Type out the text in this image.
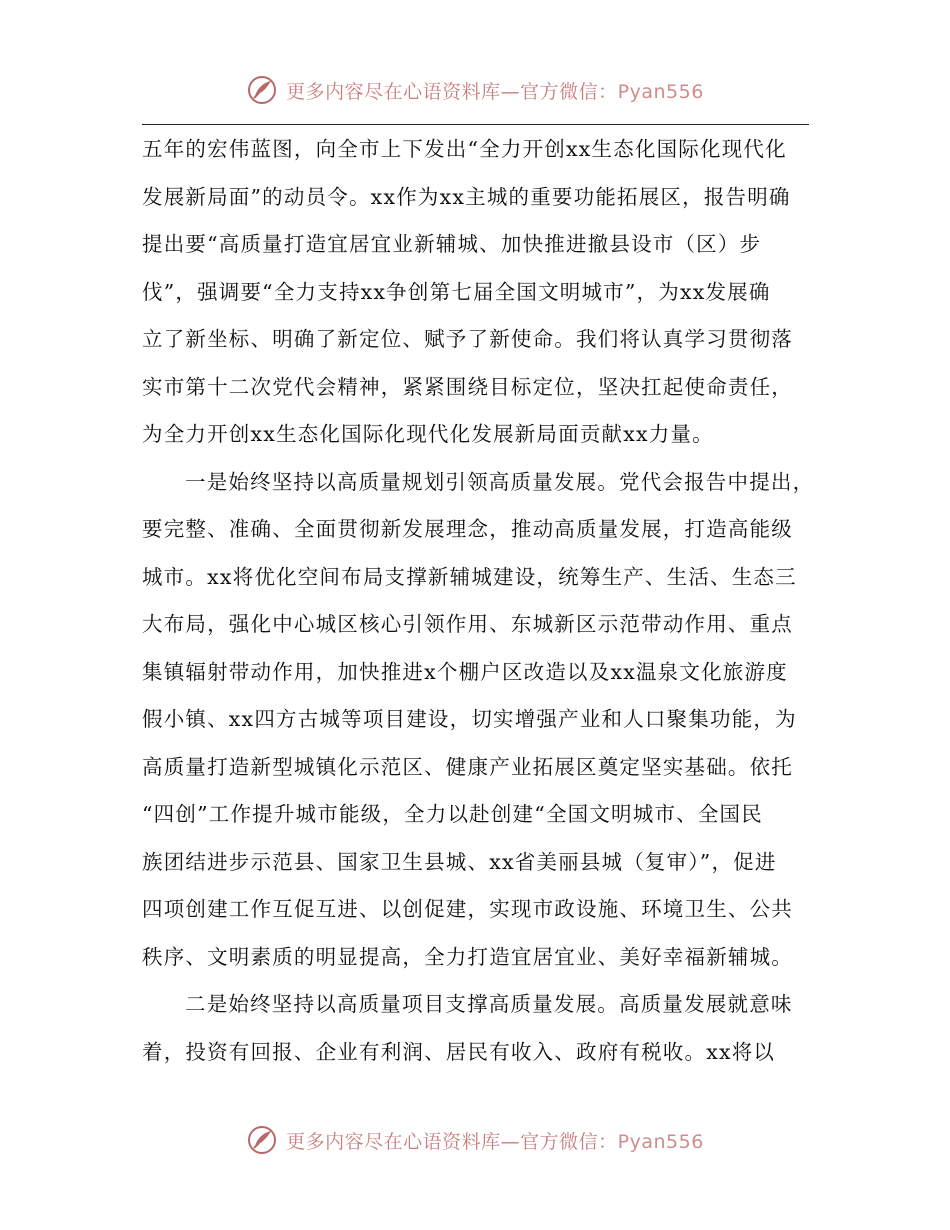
更多内容尽在心语资料库—官方微信：Pyan556
五年的宏伟蓝图，向全市上下发出“全力开创xx生态化国际化现代化
发展新局面”的动员令。xx作为xx主城的重要功能拓展区，报告明确
提出要“高质量打造宜居宜业新辅城、加快推进撤县设市（区）步
伐”，强调要“全力支持xx争创第七届全国文明城市”，为xx发展确
立了新坐标、明确了新定位、赋予了新使命。我们将认真学习贯彻落
实市第十二次党代会精神，紧紧围绕目标定位，坚决扛起使命责任，
为全力开创xx生态化国际化现代化发展新局面贡献xx力量。
一是始终坚持以高质量规划引领高质量发展。党代会报告中提出，
要完整、准确、全面贯彻新发展理念，推动高质量发展，打造高能级
城市。xx将优化空间布局支撑新辅城建设，统筹生产、生活、生态三
大布局，强化中心城区核心引领作用、东城新区示范带动作用、重点
集镇辐射带动作用，加快推进x个棚户区改造以及xx温泉文化旅游度
假小镇、xx四方古城等项目建设，切实增强产业和人口聚集功能，为
高质量打造新型城镇化示范区、健康产业拓展区奠定坚实基础。依托
“四创”工作提升城市能级，全力以赴创建“全国文明城市、全国民
族团结进步示范县、国家卫生县城、xx省美丽县城（复审）”，促进
四项创建工作互促互进、以创促建，实现市政设施、环境卫生、公共
秩序、文明素质的明显提高，全力打造宜居宜业、美好幸福新辅城。
二是始终坚持以高质量项目支撑高质量发展。高质量发展就意味
着，投资有回报、企业有利润、居民有收入、政府有税收。xx将以
更多内容尽在心语资料库—官方微信：Pyan556
